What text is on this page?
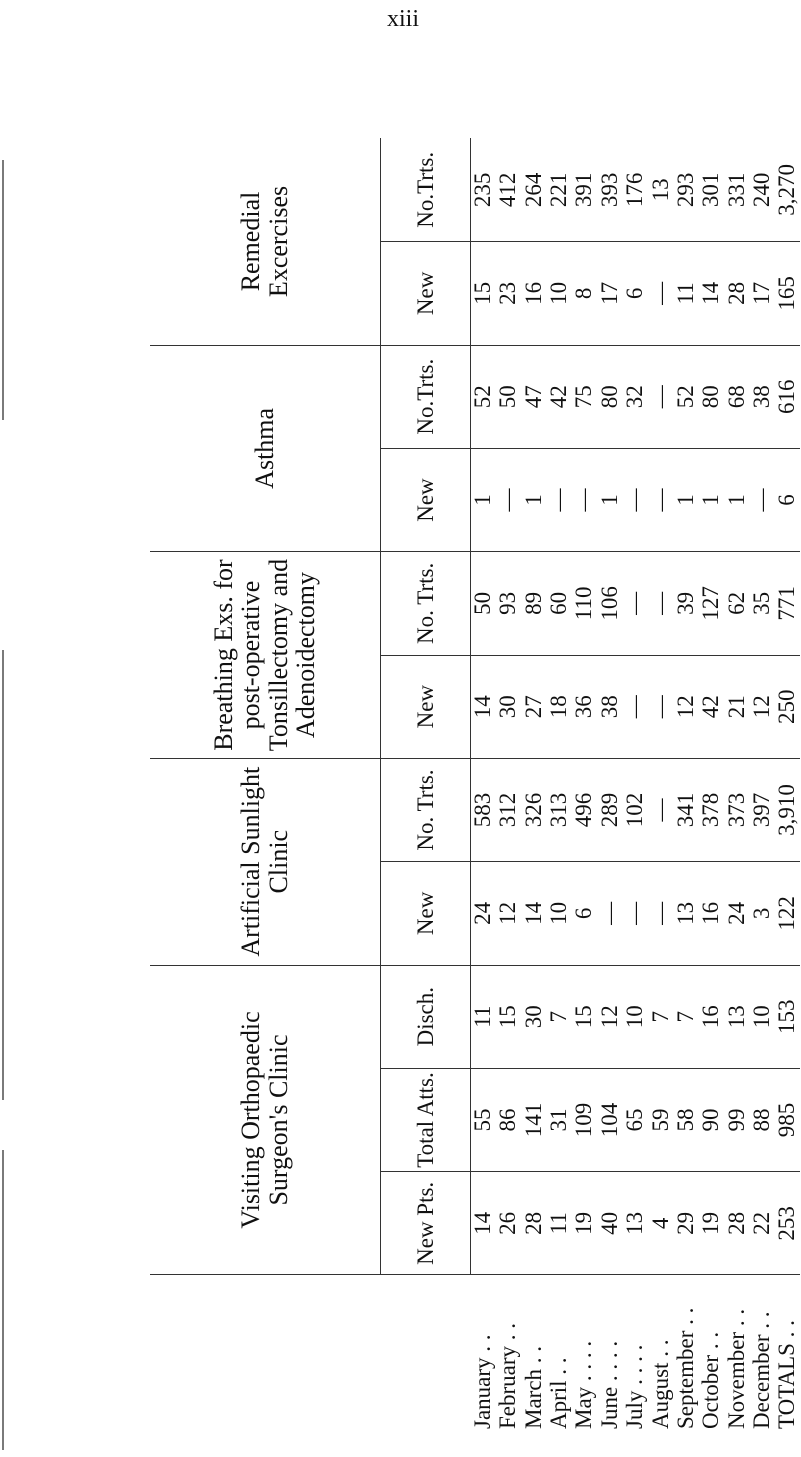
xiii
	Visiting Orthopaedic Surgeon's Clinic			Artificial Sunlight Clinic		Breathing Exs. for post-operative Tonsillectomy and Adenoidectomy		Asthma		Remedial Excercises	
	New Pts.	Total Atts.	Disch.	New	No. Trts.	New	No. Trts.	New	No.Trts.	New	No.Trts.
January . .	14	55	11	24	583	14	50	1	52	15	235
February . .	26	86	15	12	312	30	93	—	50	23	412
March . .	28	141	30	14	326	27	89	1	47	16	264
April . .	11	31	7	10	313	18	60	—	42	10	221
May . . . .	19	109	15	6	496	36	110	—	75	8	391
June . . . .	40	104	12	—	289	38	106	1	80	17	393
July . . . .	13	65	10	—	102	—	—	—	32	6	176
August . .	4	59	7	—	—	—	—	—	—	—	13
September . .	29	58	7	13	341	12	39	1	52	11	293
October . .	19	90	16	16	378	42	127	1	80	14	301
November . .	28	99	13	24	373	21	62	1	68	28	331
December . .	22	88	10	3	397	12	35	—	38	17	240
TOTALS . .	253	985	153	122	3,910	250	771	6	616	165	3,270
